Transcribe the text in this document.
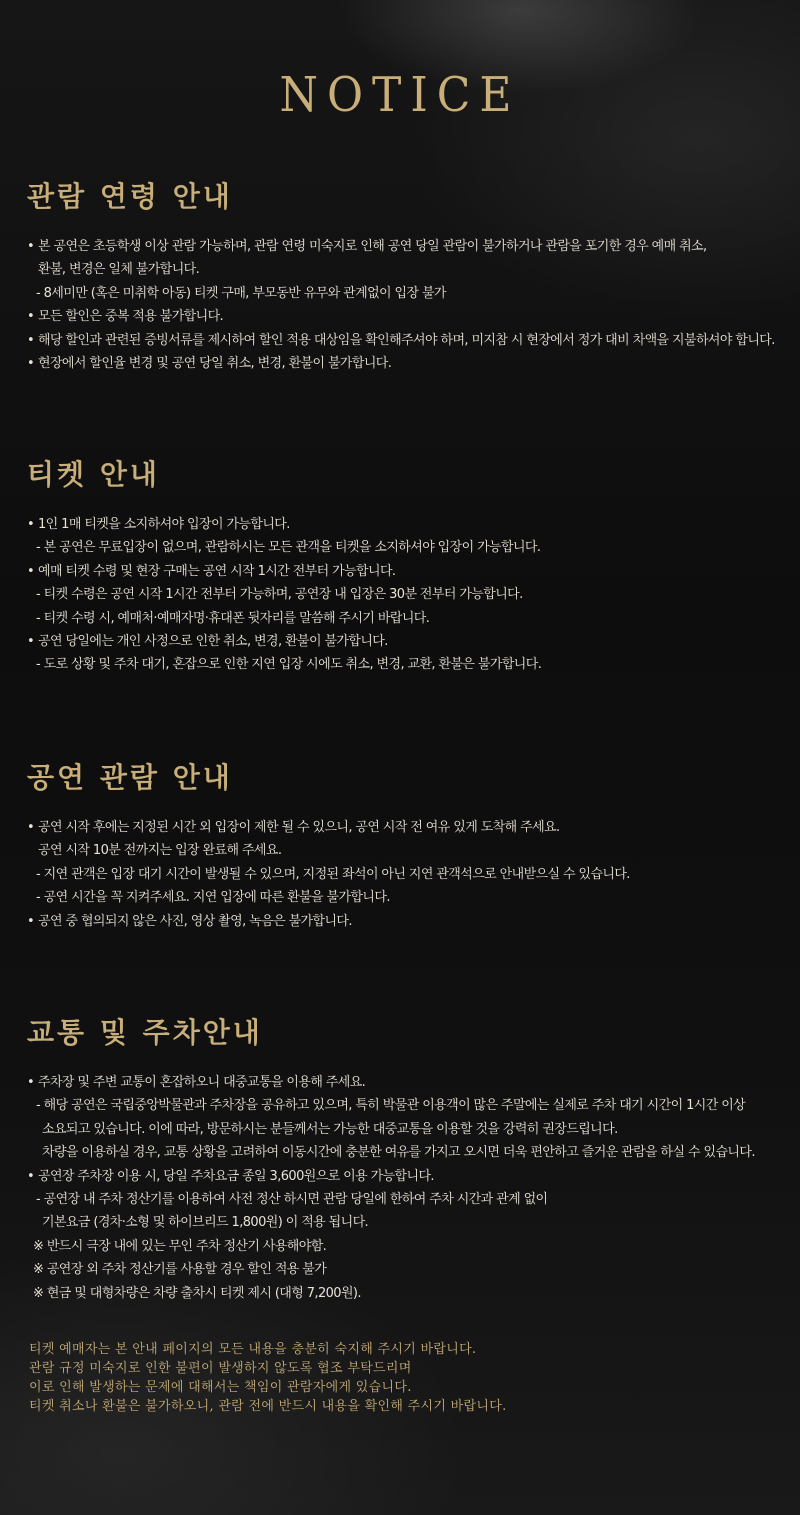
NOTICE
관람 연령 안내
• 본 공연은 초등학생 이상 관람 가능하며, 관람 연령 미숙지로 인해 공연 당일 관람이 불가하거나 관람을 포기한 경우 예매 취소,
환불, 변경은 일체 불가합니다.
- 8세미만 (혹은 미취학 아동) 티켓 구매, 부모동반 유무와 관계없이 입장 불가
• 모든 할인은 중복 적용 불가합니다.
• 해당 할인과 관련된 증빙서류를 제시하여 할인 적용 대상임을 확인해주셔야 하며, 미지참 시 현장에서 정가 대비 차액을 지불하셔야 합니다.
• 현장에서 할인율 변경 및 공연 당일 취소, 변경, 환불이 불가합니다.
티켓 안내
• 1인 1매 티켓을 소지하셔야 입장이 가능합니다.
- 본 공연은 무료입장이 없으며, 관람하시는 모든 관객을 티켓을 소지하셔야 입장이 가능합니다.
• 예매 티켓 수령 및 현장 구매는 공연 시작 1시간 전부터 가능합니다.
- 티켓 수령은 공연 시작 1시간 전부터 가능하며, 공연장 내 입장은 30분 전부터 가능합니다.
- 티켓 수령 시, 예매처·예매자명·휴대폰 뒷자리를 말씀해 주시기 바랍니다.
• 공연 당일에는 개인 사정으로 인한 취소, 변경, 환불이 불가합니다.
- 도로 상황 및 주차 대기, 혼잡으로 인한 지연 입장 시에도 취소, 변경, 교환, 환불은 불가합니다.
공연 관람 안내
• 공연 시작 후에는 지정된 시간 외 입장이 제한 될 수 있으니, 공연 시작 전 여유 있게 도착해 주세요.
공연 시작 10분 전까지는 입장 완료해 주세요.
- 지연 관객은 입장 대기 시간이 발생될 수 있으며, 지정된 좌석이 아닌 지연 관객석으로 안내받으실 수 있습니다.
- 공연 시간을 꼭 지켜주세요. 지연 입장에 따른 환불을 불가합니다.
• 공연 중 협의되지 않은 사진, 영상 촬영, 녹음은 불가합니다.
교통 및 주차안내
• 주차장 및 주변 교통이 혼잡하오니 대중교통을 이용해 주세요.
- 해당 공연은 국립중앙박물관과 주차장을 공유하고 있으며, 특히 박물관 이용객이 많은 주말에는 실제로 주차 대기 시간이 1시간 이상
소요되고 있습니다. 이에 따라, 방문하시는 분들께서는 가능한 대중교통을 이용할 것을 강력히 권장드립니다.
차량을 이용하실 경우, 교통 상황을 고려하여 이동시간에 충분한 여유를 가지고 오시면 더욱 편안하고 즐거운 관람을 하실 수 있습니다.
• 공연장 주차장 이용 시, 당일 주차요금 종일 3,600원으로 이용 가능합니다.
- 공연장 내 주차 정산기를 이용하여 사전 정산 하시면 관람 당일에 한하여 주차 시간과 관계 없이
기본요금 (경차·소형 및 하이브리드 1,800원) 이 적용 됩니다.
※ 반드시 극장 내에 있는 무인 주차 정산기 사용해야함.
※ 공연장 외 주차 정산기를 사용할 경우 할인 적용 불가
※ 현금 및 대형차량은 차량 출차시 티켓 제시 (대형 7,200원).
티켓 예매자는 본 안내 페이지의 모든 내용을 충분히 숙지해 주시기 바랍니다.
관람 규정 미숙지로 인한 불편이 발생하지 않도록 협조 부탁드리며
이로 인해 발생하는 문제에 대해서는 책임이 관람자에게 있습니다.
티켓 취소나 환불은 불가하오니, 관람 전에 반드시 내용을 확인해 주시기 바랍니다.
